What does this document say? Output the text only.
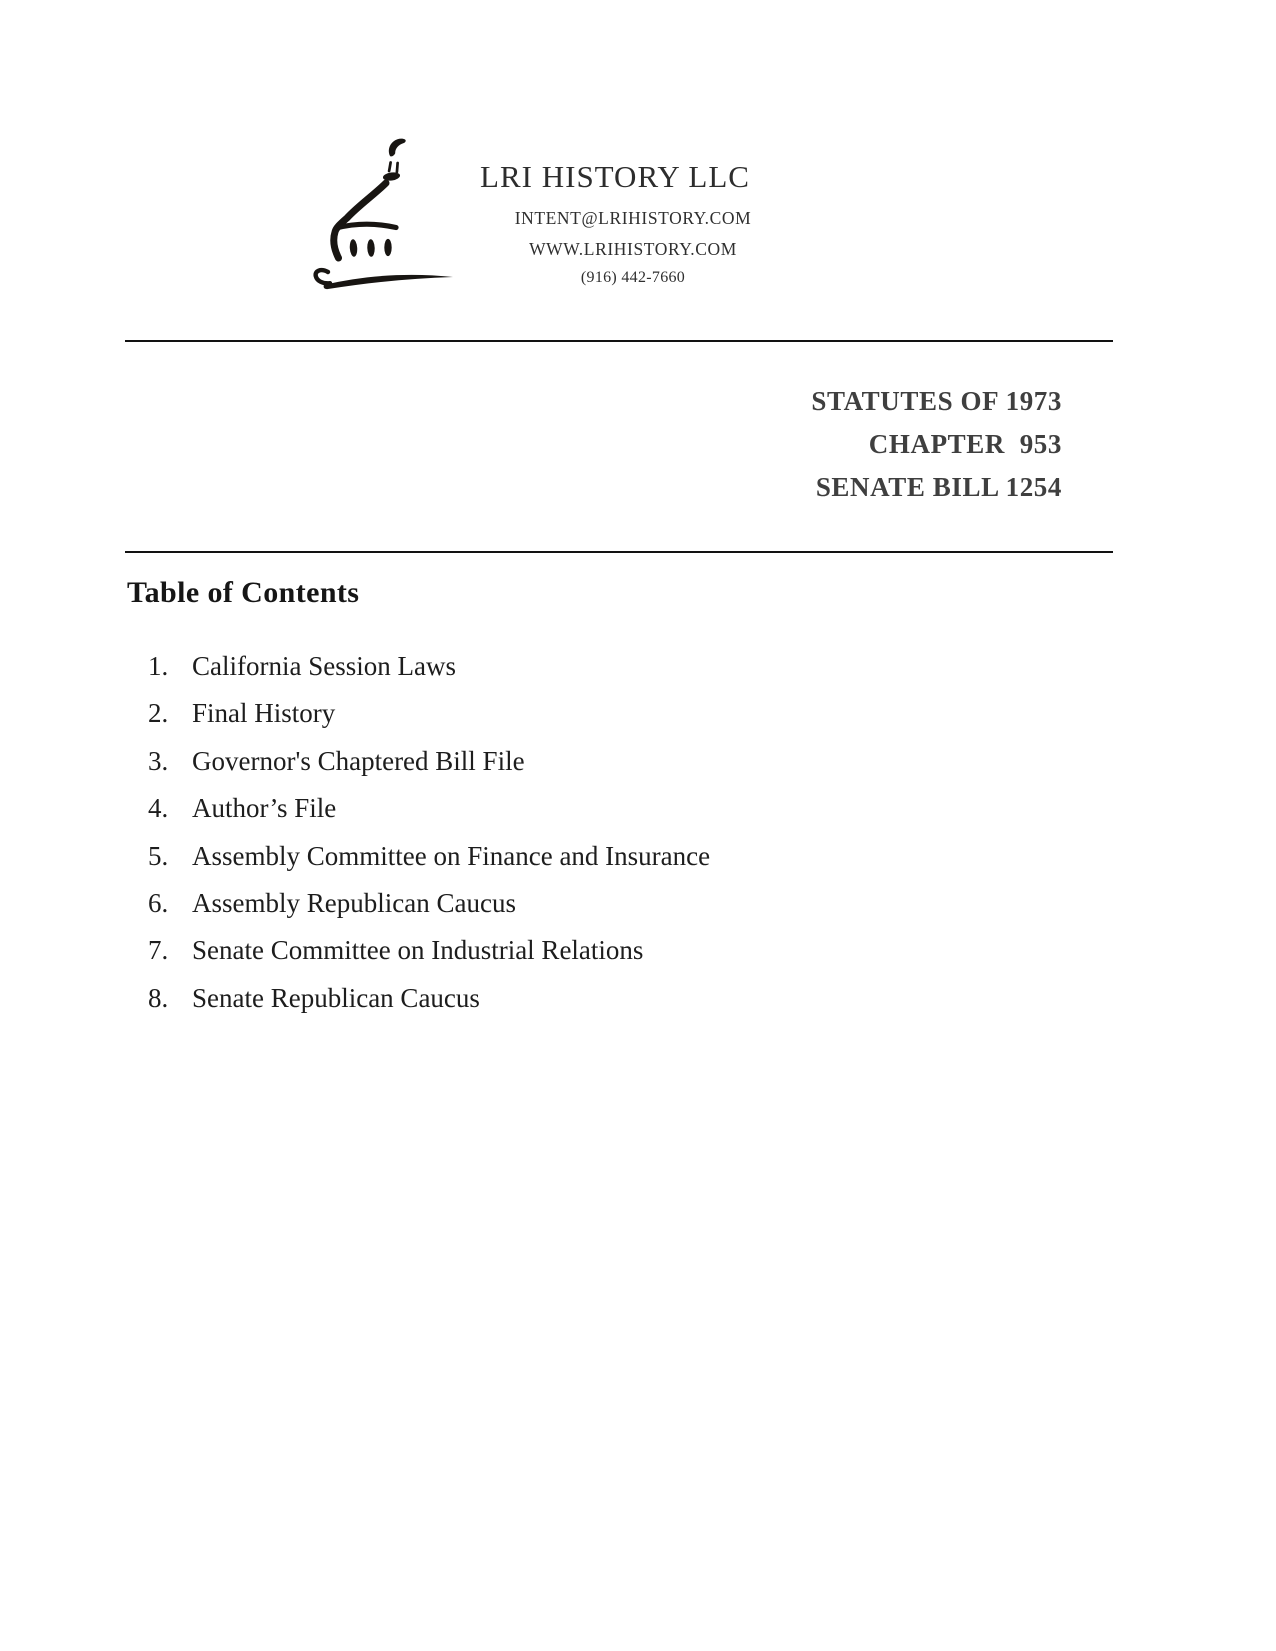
LRI HISTORY LLC
INTENT@LRIHISTORY.COM
WWW.LRIHISTORY.COM
(916) 442-7660
STATUTES OF 1973
CHAPTER  953
SENATE BILL 1254
Table of Contents
1. California Session Laws
2. Final History
3. Governor's Chaptered Bill File
4. Author’s File
5. Assembly Committee on Finance and Insurance
6. Assembly Republican Caucus
7. Senate Committee on Industrial Relations
8. Senate Republican Caucus
